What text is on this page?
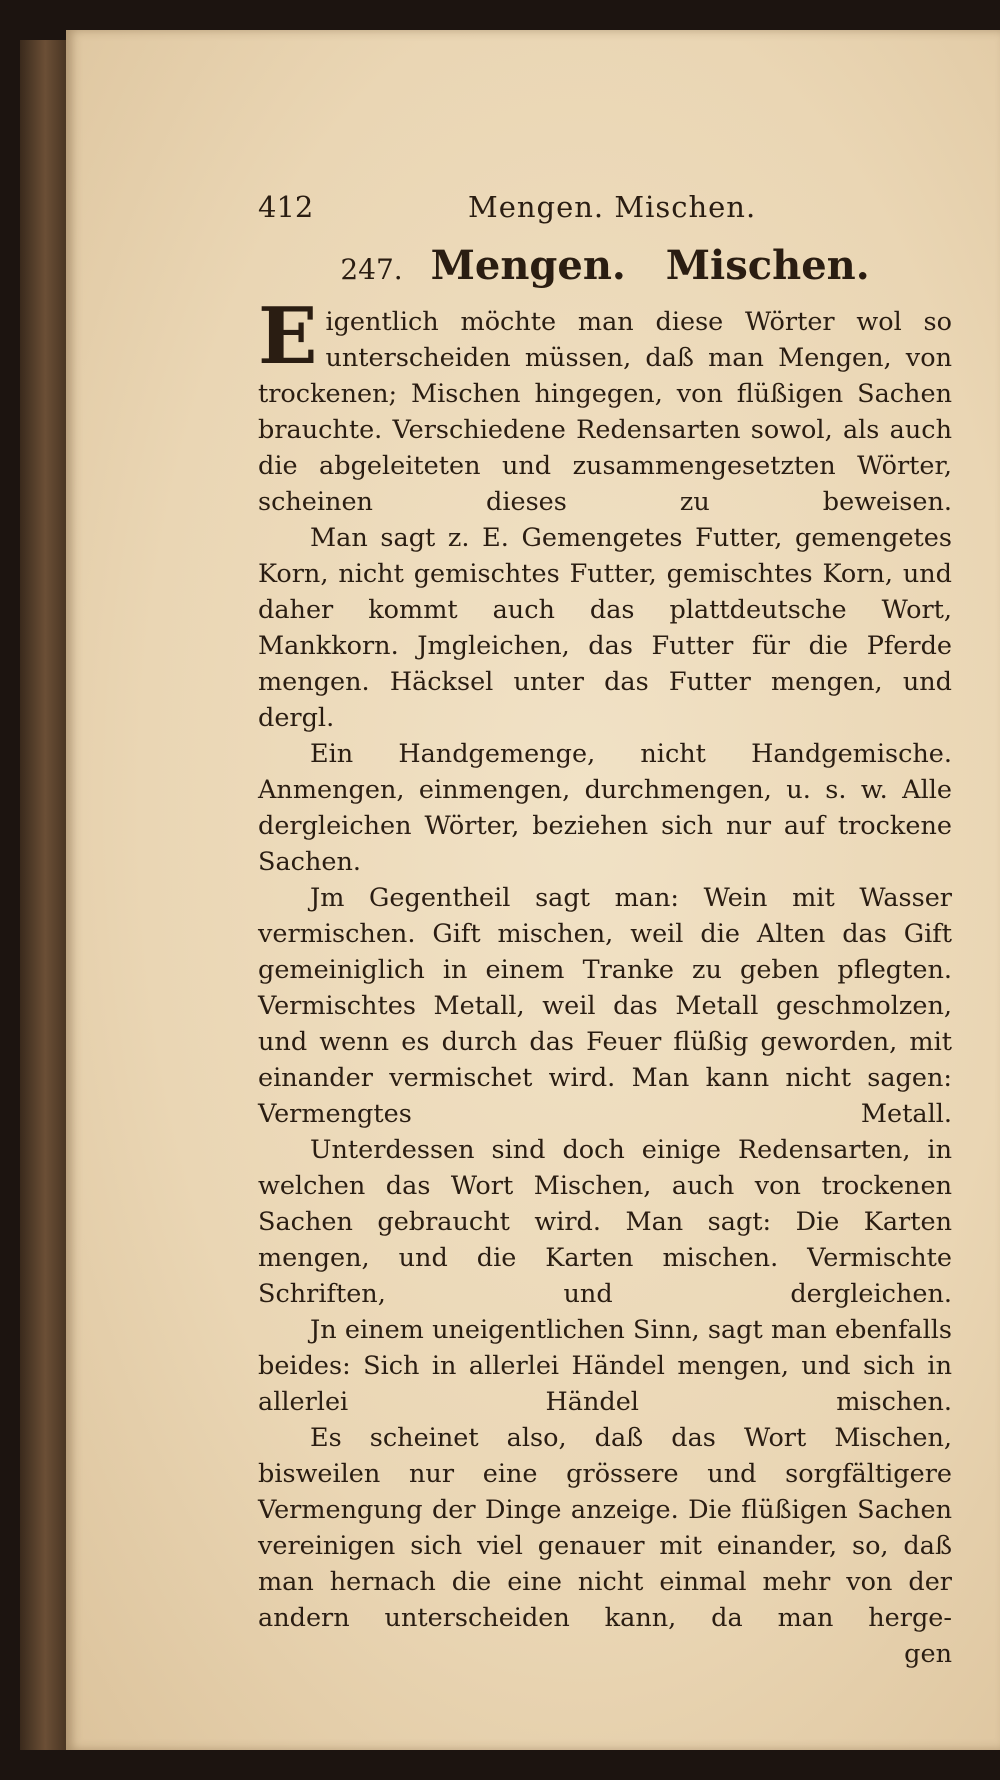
412	Mengen. Mischen.
247. Mengen. Mischen.

E igentlich möchte man diese Wörter wol so unterscheiden müssen, daß man Mengen, von trockenen; Mischen hingegen, von flüßigen Sachen brauchte. Verschiedene Redensarten sowol, als auch die abgeleiteten und zusammengesetzten Wörter, scheinen dieses zu beweisen.

Man sagt z. E. Gemengetes Futter, gemengetes Korn, nicht gemischtes Futter, gemischtes Korn, und daher kommt auch das plattdeutsche Wort, Mankkorn. Jmgleichen, das Futter für die Pferde mengen. Häcksel unter das Futter mengen, und dergl.

Ein Handgemenge, nicht Handgemische. Anmengen, einmengen, durchmengen, u. s. w. Alle dergleichen Wörter, beziehen sich nur auf trockene Sachen.

Jm Gegentheil sagt man: Wein mit Wasser vermischen. Gift mischen, weil die Alten das Gift gemeiniglich in einem Tranke zu geben pflegten. Vermischtes Metall, weil das Metall geschmolzen, und wenn es durch das Feuer flüßig geworden, mit einander vermischet wird. Man kann nicht sagen: Vermengtes Metall.

Unterdessen sind doch einige Redensarten, in welchen das Wort Mischen, auch von trockenen Sachen gebraucht wird. Man sagt: Die Karten mengen, und die Karten mischen. Vermischte Schriften, und dergleichen.

Jn einem uneigentlichen Sinn, sagt man ebenfalls beides: Sich in allerlei Händel mengen, und sich in allerlei Händel mischen.

Es scheinet also, daß das Wort Mischen, bisweilen nur eine grössere und sorgfältigere Vermengung der Dinge anzeige. Die flüßigen Sachen vereinigen sich viel genauer mit einander, so, daß man hernach die eine nicht einmal mehr von der andern unterscheiden kann, da man herge-

gen
